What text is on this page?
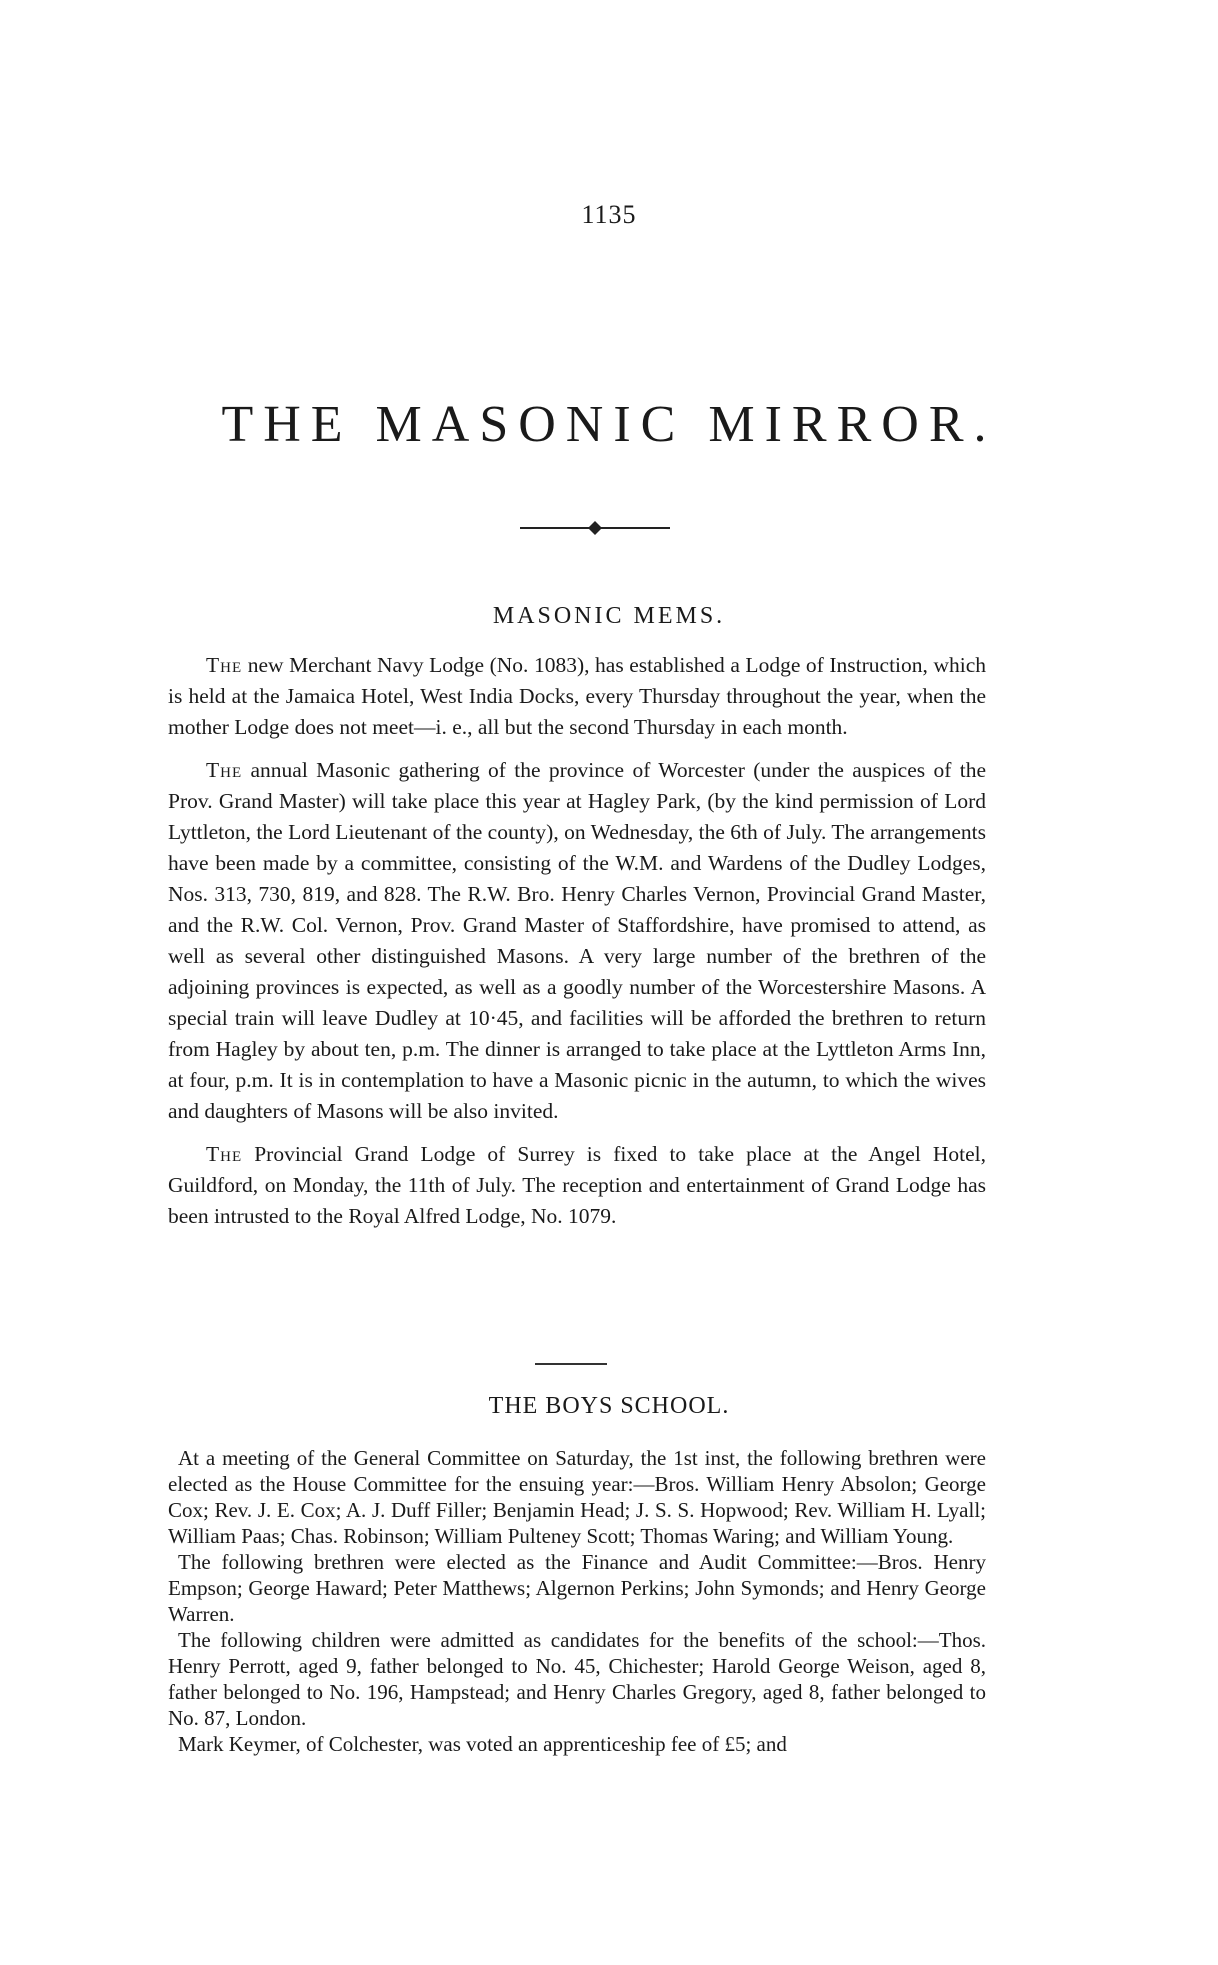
1135
THE MASONIC MIRROR.
MASONIC MEMS.

The new Merchant Navy Lodge (No. 1083), has established a Lodge of Instruction, which is held at the Jamaica Hotel, West India Docks, every Thursday throughout the year, when the mother Lodge does not meet—i. e., all but the second Thursday in each month.

The annual Masonic gathering of the province of Worcester (under the auspices of the Prov. Grand Master) will take place this year at Hagley Park, (by the kind permission of Lord Lyttleton, the Lord Lieutenant of the county), on Wednesday, the 6th of July. The arrangements have been made by a committee, consisting of the W.M. and Wardens of the Dudley Lodges, Nos. 313, 730, 819, and 828. The R.W. Bro. Henry Charles Vernon, Provincial Grand Master, and the R.W. Col. Vernon, Prov. Grand Master of Staffordshire, have promised to attend, as well as several other distinguished Masons. A very large number of the brethren of the adjoining provinces is expected, as well as a goodly number of the Worcestershire Masons. A special train will leave Dudley at 10·45, and facilities will be afforded the brethren to return from Hagley by about ten, p.m. The dinner is arranged to take place at the Lyttleton Arms Inn, at four, p.m. It is in contemplation to have a Masonic picnic in the autumn, to which the wives and daughters of Masons will be also invited.

The Provincial Grand Lodge of Surrey is fixed to take place at the Angel Hotel, Guildford, on Monday, the 11th of July. The reception and entertainment of Grand Lodge has been intrusted to the Royal Alfred Lodge, No. 1079.

THE BOYS SCHOOL.

At a meeting of the General Committee on Saturday, the 1st inst, the following brethren were elected as the House Committee for the ensuing year:—Bros. William Henry Absolon; George Cox; Rev. J. E. Cox; A. J. Duff Filler; Benjamin Head; J. S. S. Hopwood; Rev. William H. Lyall; William Paas; Chas. Robinson; William Pulteney Scott; Thomas Waring; and William Young.

The following brethren were elected as the Finance and Audit Committee:—Bros. Henry Empson; George Haward; Peter Matthews; Algernon Perkins; John Symonds; and Henry George Warren.

The following children were admitted as candidates for the benefits of the school:—Thos. Henry Perrott, aged 9, father belonged to No. 45, Chichester; Harold George Weison, aged 8, father belonged to No. 196, Hampstead; and Henry Charles Gregory, aged 8, father belonged to No. 87, London.

Mark Keymer, of Colchester, was voted an apprenticeship fee of £5; and
